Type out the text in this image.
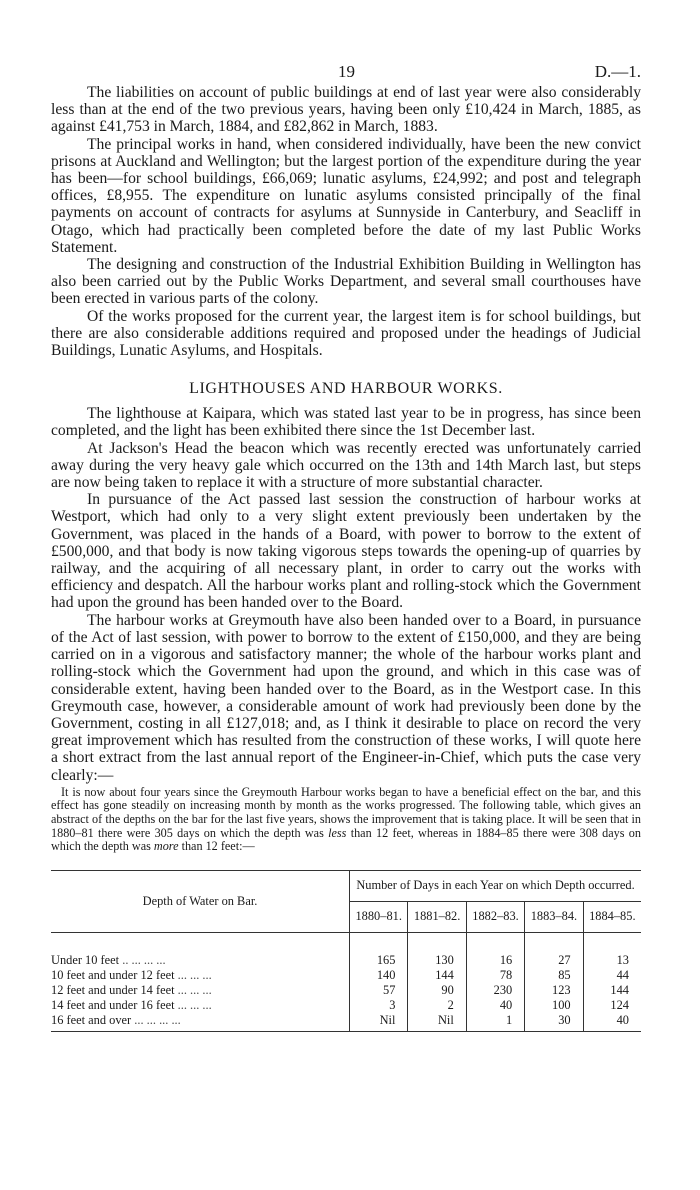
19	D.—1.

The liabilities on account of public buildings at end of last year were also considerably less than at the end of the two previous years, having been only £10,424 in March, 1885, as against £41,753 in March, 1884, and £82,862 in March, 1883.

The principal works in hand, when considered individually, have been the new convict prisons at Auckland and Wellington; but the largest portion of the expenditure during the year has been—for school buildings, £66,069; lunatic asylums, £24,992; and post and telegraph offices, £8,955. The expenditure on lunatic asylums consisted principally of the final payments on account of contracts for asylums at Sunnyside in Canterbury, and Seacliff in Otago, which had practically been completed before the date of my last Public Works Statement.

The designing and construction of the Industrial Exhibition Building in Wellington has also been carried out by the Public Works Department, and several small courthouses have been erected in various parts of the colony.

Of the works proposed for the current year, the largest item is for school buildings, but there are also considerable additions required and proposed under the headings of Judicial Buildings, Lunatic Asylums, and Hospitals.

LIGHTHOUSES AND HARBOUR WORKS.

The lighthouse at Kaipara, which was stated last year to be in progress, has since been completed, and the light has been exhibited there since the 1st December last.

At Jackson's Head the beacon which was recently erected was unfortunately carried away during the very heavy gale which occurred on the 13th and 14th March last, but steps are now being taken to replace it with a structure of more substantial character.

In pursuance of the Act passed last session the construction of harbour works at Westport, which had only to a very slight extent previously been undertaken by the Government, was placed in the hands of a Board, with power to borrow to the extent of £500,000, and that body is now taking vigorous steps towards the opening-up of quarries by railway, and the acquiring of all necessary plant, in order to carry out the works with efficiency and despatch. All the harbour works plant and rolling-stock which the Government had upon the ground has been handed over to the Board.

The harbour works at Greymouth have also been handed over to a Board, in pursuance of the Act of last session, with power to borrow to the extent of £150,000, and they are being carried on in a vigorous and satisfactory manner; the whole of the harbour works plant and rolling-stock which the Government had upon the ground, and which in this case was of considerable extent, having been handed over to the Board, as in the Westport case. In this Greymouth case, however, a considerable amount of work had previously been done by the Government, costing in all £127,018; and, as I think it desirable to place on record the very great improvement which has resulted from the construction of these works, I will quote here a short extract from the last annual report of the Engineer-in-Chief, which puts the case very clearly:—

It is now about four years since the Greymouth Harbour works began to have a beneficial effect on the bar, and this effect has gone steadily on increasing month by month as the works progressed. The following table, which gives an abstract of the depths on the bar for the last five years, shows the improvement that is taking place. It will be seen that in 1880–81 there were 305 days on which the depth was less than 12 feet, whereas in 1884–85 there were 308 days on which the depth was more than 12 feet:—

Depth of Water on Bar.	Number of Days in each Year on which Depth occurred.				
	1880–81.	1881–82.	1882–83.	1883–84.	1884–85.

Under 10 feet .. ... ... ...	165	130	16	27	13
10 feet and under 12 feet ... ... ...	140	144	78	85	44
12 feet and under 14 feet ... ... ...	57	90	230	123	144
14 feet and under 16 feet ... ... ...	3	2	40	100	124
16 feet and over ... ... ... ...	Nil	Nil	1	30	40
